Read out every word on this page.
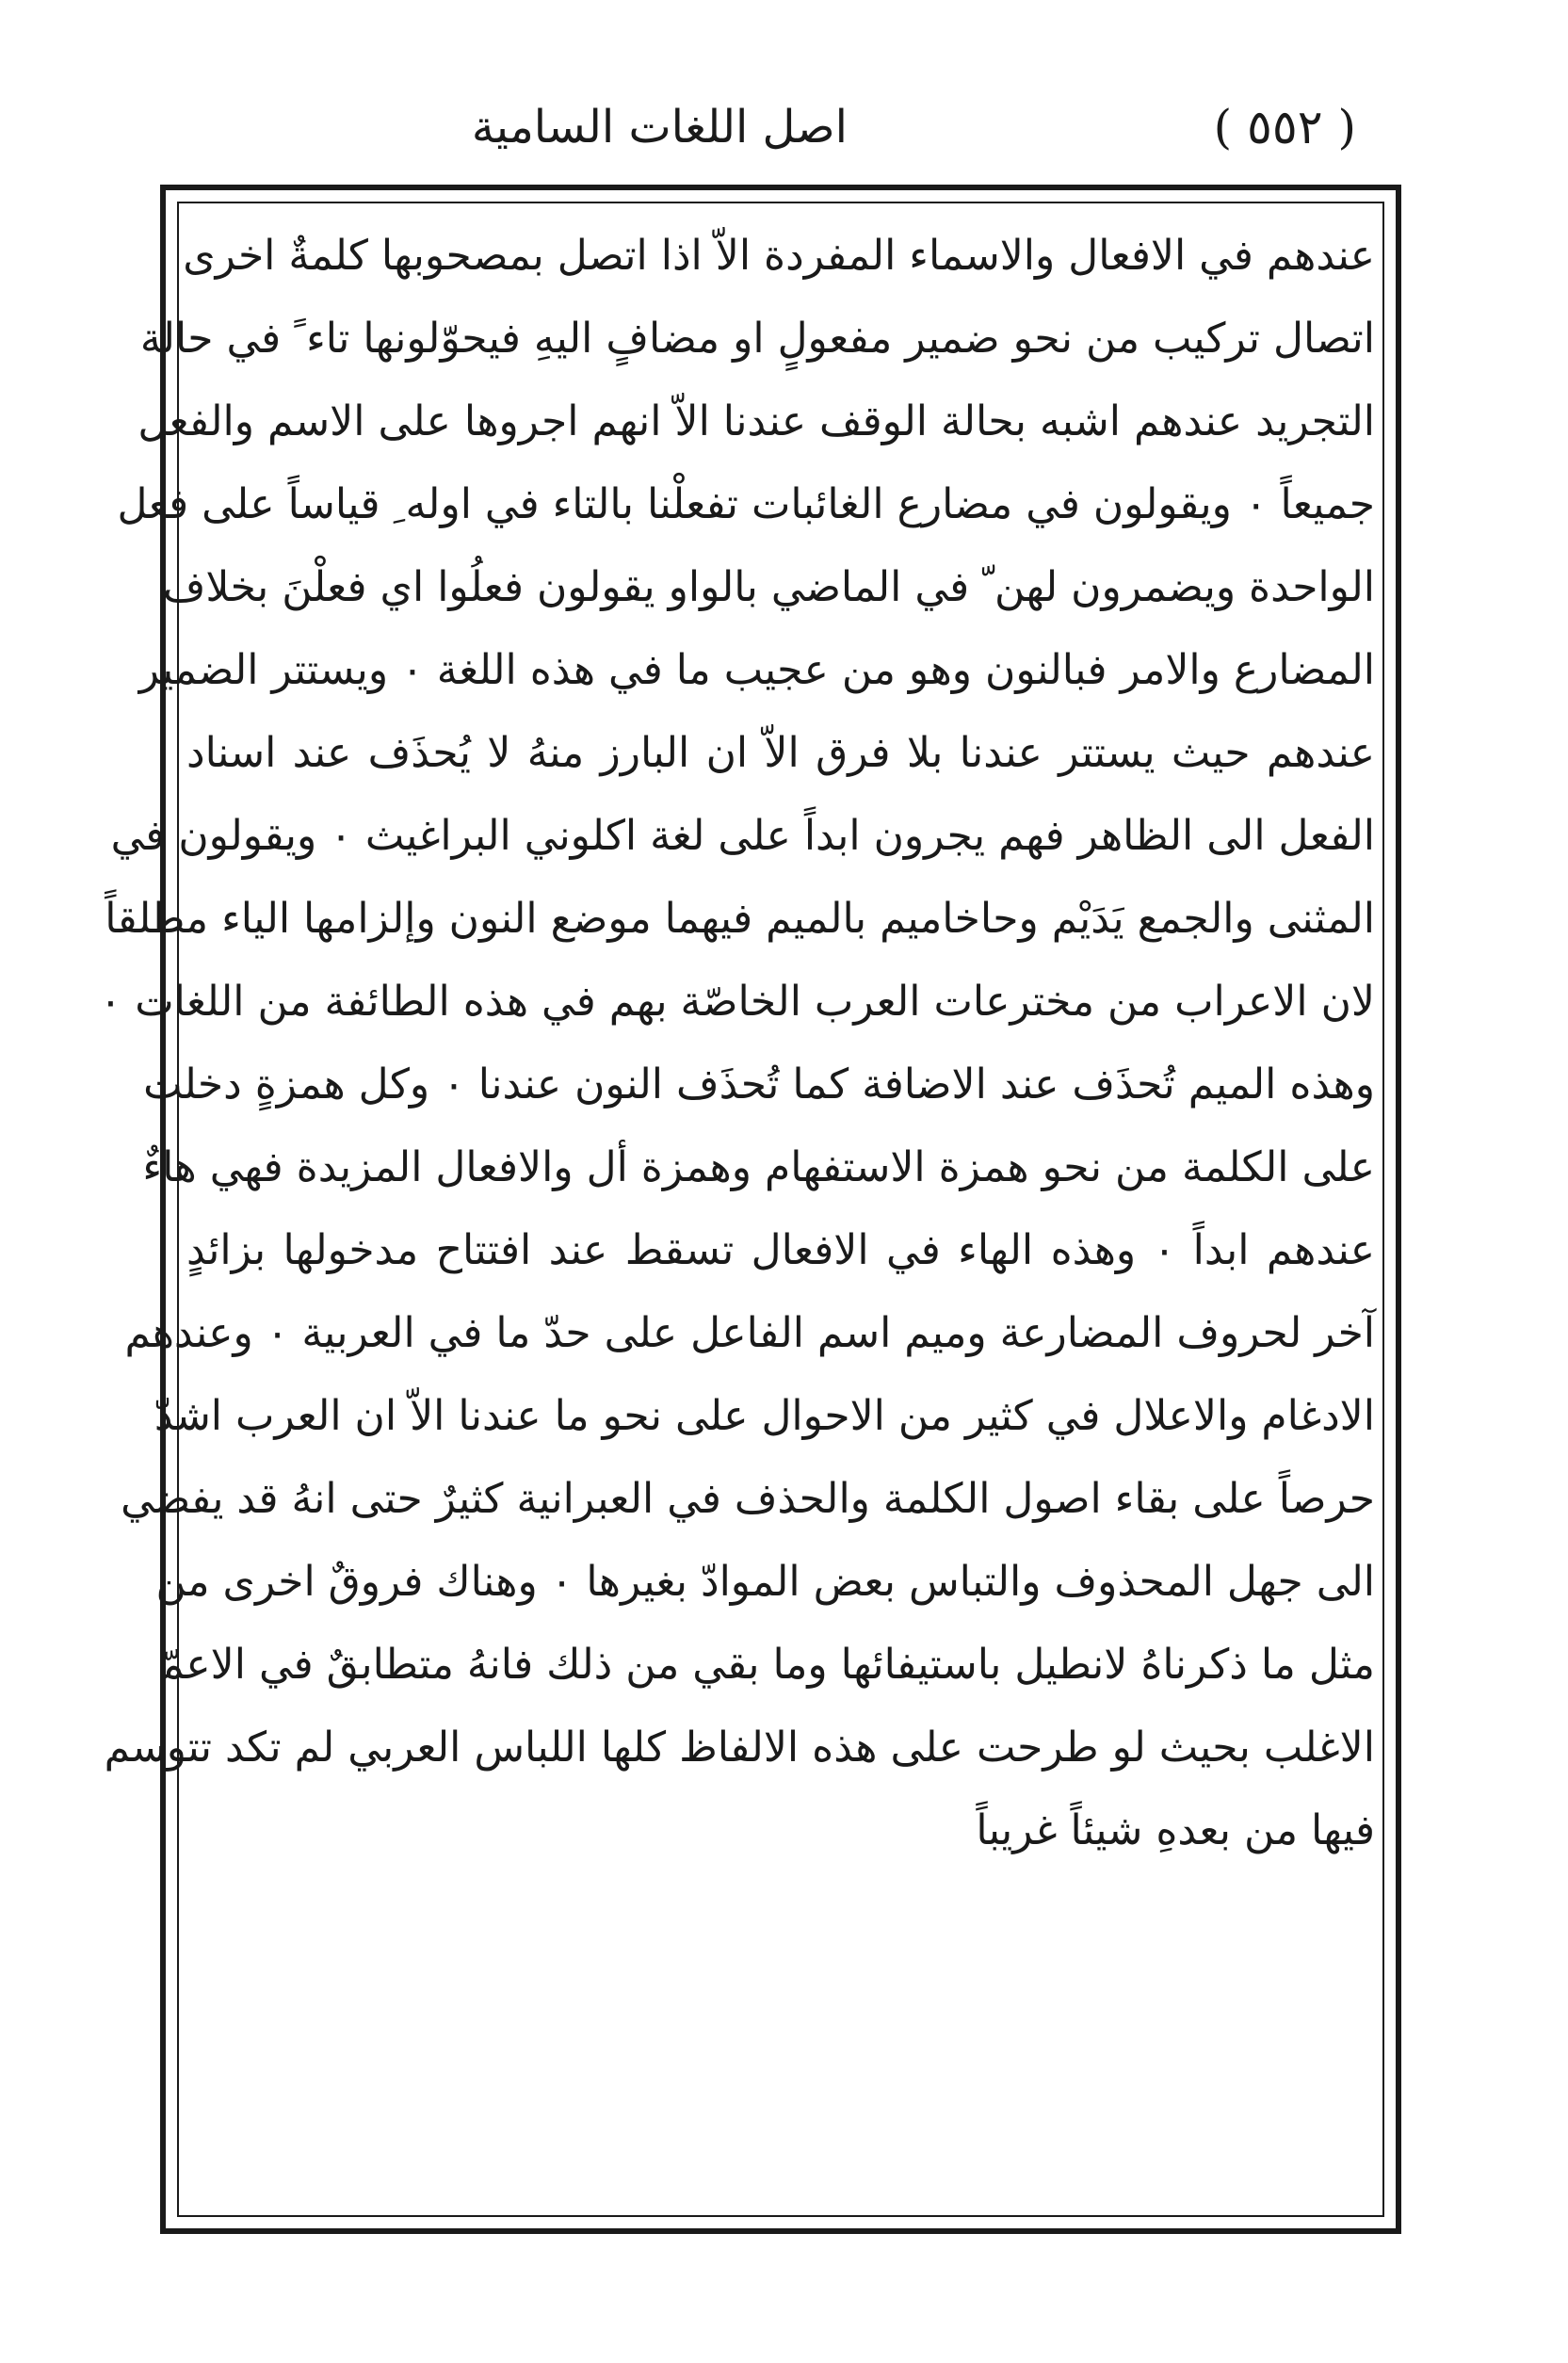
( ٥٥٢ )
اصل اللغات السامية
عندهم في الافعال والاسماء المفردة الاّ اذا اتصل بمصحوبها كلمةٌ اخرى
اتصال تركيب من نحو ضمير مفعولٍ او مضافٍ اليهِ فيحوّلونها تاء ً في حالة
التجريد عندهم اشبه بحالة الوقف عندنا الاّ انهم اجروها على الاسم والفعل
جميعاً ٠ ويقولون في مضارع الغائبات تفعلْنا بالتاء في اوله ِ قياساً على فعل
الواحدة ويضمرون لهن ّ في الماضي بالواو يقولون فعلُوا اي فعلْنَ بخلاف
المضارع والامر فبالنون وهو من عجيب ما في هذه اللغة ٠ ويستتر الضمير
عندهم حيث يستتر عندنا بلا فرق الاّ ان البارز منهُ لا يُحذَف عند اسناد
الفعل الى الظاهر فهم يجرون ابداً على لغة اكلوني البراغيث ٠ ويقولون في
المثنى والجمع يَدَيْم وحاخاميم بالميم فيهما موضع النون وإلزامها الياء مطلقاً
لان الاعراب من مخترعات العرب الخاصّة بهم في هذه الطائفة من اللغات ٠
وهذه الميم تُحذَف عند الاضافة كما تُحذَف النون عندنا ٠ وكل همزةٍ دخلت
على الكلمة من نحو همزة الاستفهام وهمزة أل والافعال المزيدة فهي هاءٌ
عندهم ابداً ٠ وهذه الهاء في الافعال تسقط عند افتتاح مدخولها بزائدٍ
آخر لحروف المضارعة وميم اسم الفاعل على حدّ ما في العربية ٠ وعندهم
الادغام والاعلال في كثير من الاحوال على نحو ما عندنا الاّ ان العرب اشدّ
حرصاً على بقاء اصول الكلمة والحذف في العبرانية كثيرٌ حتى انهُ قد يفضي
الى جهل المحذوف والتباس بعض الموادّ بغيرها ٠ وهناك فروقٌ اخرى من
مثل ما ذكرناهُ لانطيل باستيفائها وما بقي من ذلك فانهُ متطابقٌ في الاعمّ
الاغلب بحيث لو طرحت على هذه الالفاظ كلها اللباس العربي لم تكد تتوسم
فيها من بعدهِ شيئاً غريباً
